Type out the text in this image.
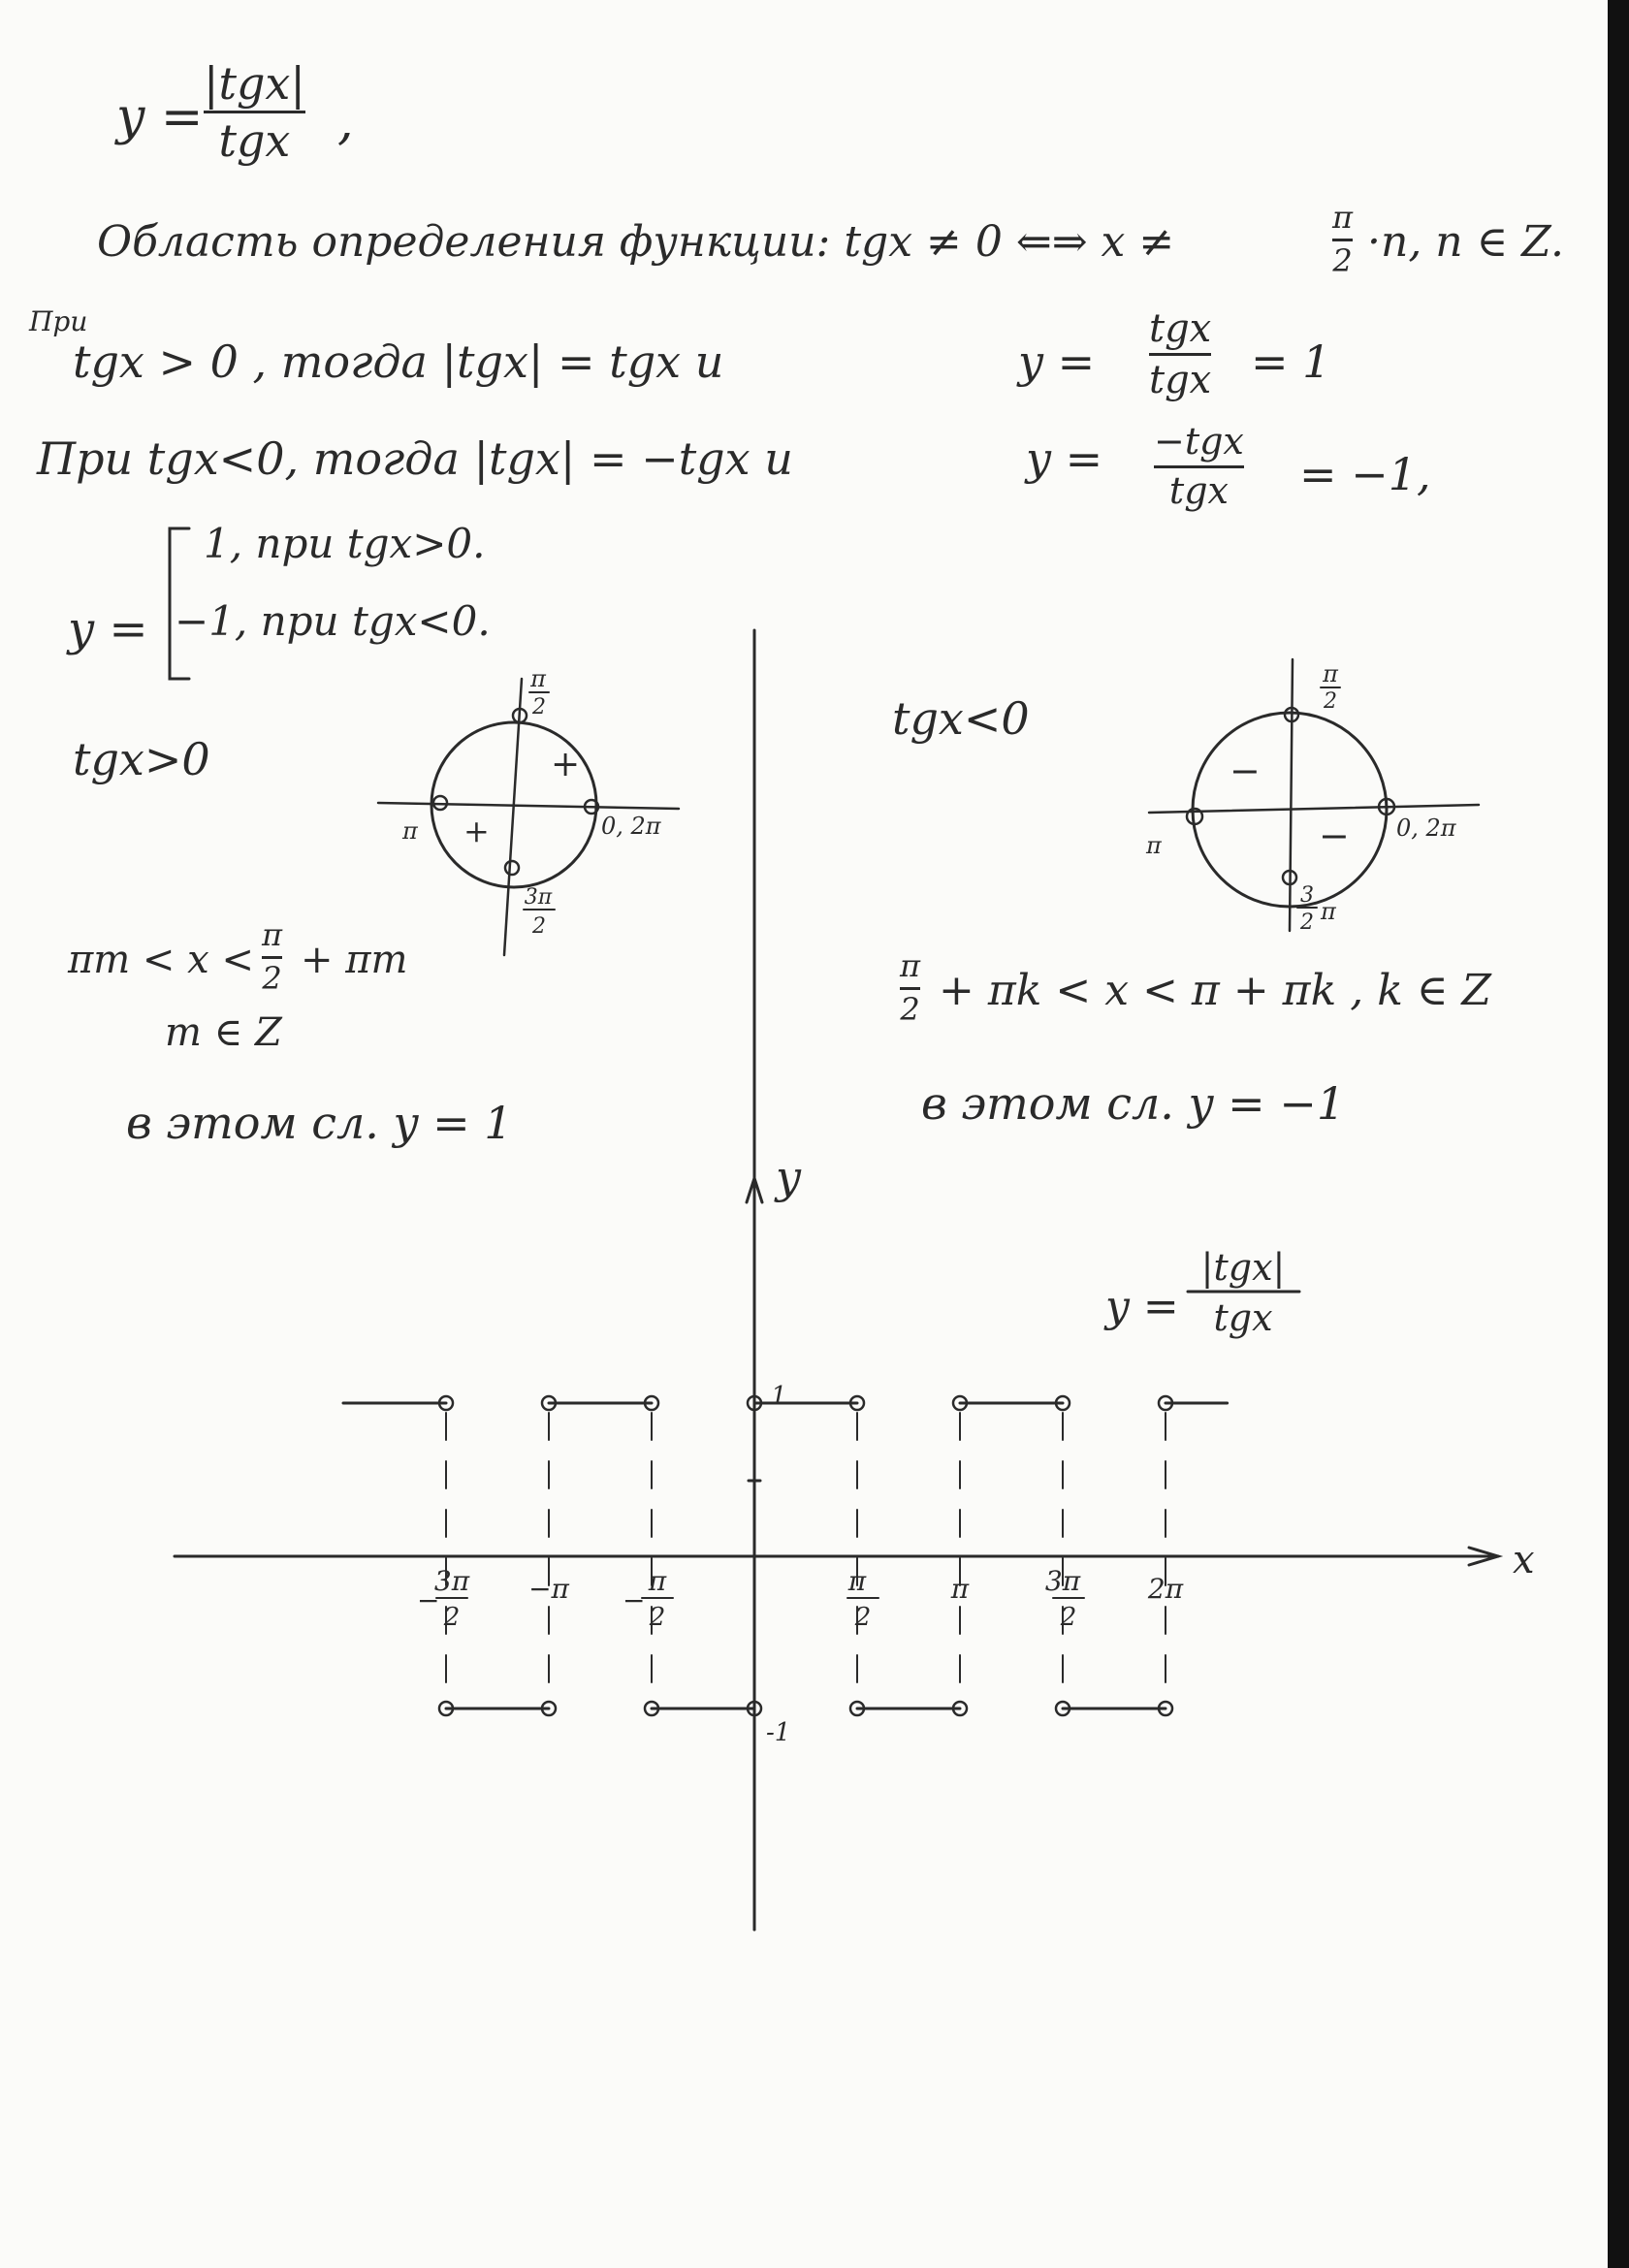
y =
|tgx|
tgx ,
Область определения функции: tgx ≠ 0 ⇐⇒ x ≠	π
2 ·n, n ∈ Z.
При
tgx > 0 , тогда |tgx| = tgx и	y =
tgx
tgx = 1
При tgx<0, тогда |tgx| = −tgx и	y = −tgx
tgx = −1,
y =
1, при tgx>0.
−1, при tgx<0.
tgx>0
πm < x <
π
2 + πm
m ∈ Z
в этом сл. y = 1
tgx<0
π
2 + πk < x < π + πk , k ∈ Z
в этом сл. y = −1
π
2
π	0, 2π
3π
2
+
+
π
2
π
0, 2π
3
2 π
−
−
3π
−
2
−π	π
−
2
π
2
π	3π
2
2π
y
x
1
-1
y =
|tgx|
tgx
